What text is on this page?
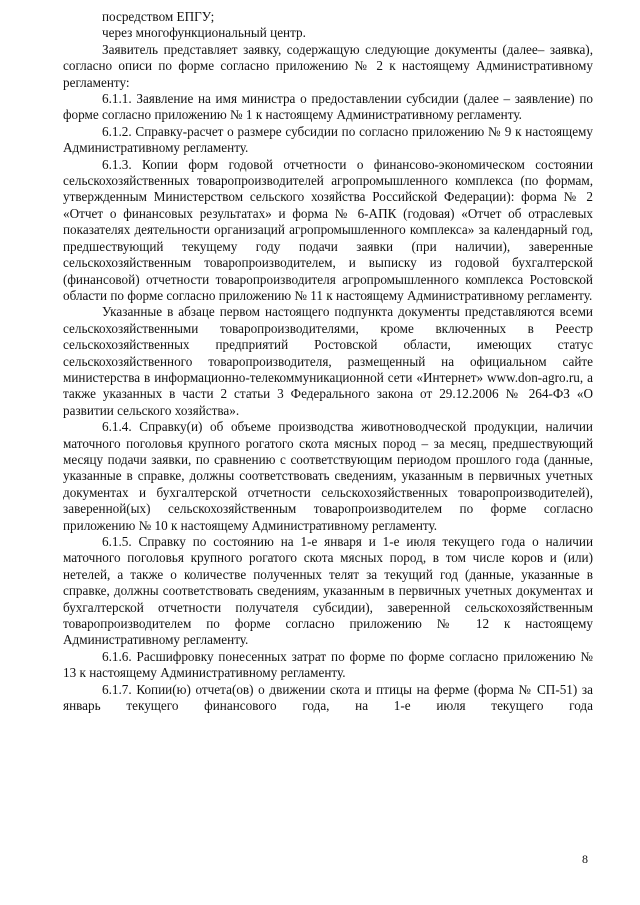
посредством ЕПГУ;

через многофункциональный центр.

Заявитель представляет заявку, содержащую следующие документы (далее– заявка), согласно описи по форме согласно приложению № 2 к настоящему Административному регламенту:

6.1.1. Заявление на имя министра о предоставлении субсидии (далее – заявление) по форме согласно приложению № 1 к настоящему Административному регламенту.

6.1.2. Справку-расчет о размере субсидии по согласно приложению № 9 к настоящему Административному регламенту.

6.1.3. Копии форм годовой отчетности о финансово-экономическом состоянии сельскохозяйственных товаропроизводителей агропромышленного комплекса (по формам, утвержденным Министерством сельского хозяйства Российской Федерации): форма № 2 «Отчет о финансовых результатах» и форма № 6-АПК (годовая) «Отчет об отраслевых показателях деятельности организаций агропромышленного комплекса» за календарный год, предшествующий текущему году подачи заявки (при наличии), заверенные сельскохозяйственным товаропроизводителем, и выписку из годовой бухгалтерской (финансовой) отчетности товаропроизводителя агропромышленного комплекса Ростовской области по форме согласно приложению № 11 к настоящему Административному регламенту.

Указанные в абзаце первом настоящего подпункта документы представляются всеми сельскохозяйственными товаропроизводителями, кроме включенных в Реестр сельскохозяйственных предприятий Ростовской области, имеющих статус сельскохозяйственного товаропроизводителя, размещенный на официальном сайте министерства в информационно-телекоммуникационной сети «Интернет» www.don-agro.ru, а также указанных в части 2 статьи 3 Федерального закона от 29.12.2006 № 264-ФЗ «О развитии сельского хозяйства».

6.1.4. Справку(и) об объеме производства животноводческой продукции, наличии маточного поголовья крупного рогатого скота мясных пород – за месяц, предшествующий месяцу подачи заявки, по сравнению с соответствующим периодом прошлого года (данные, указанные в справке, должны соответствовать сведениям, указанным в первичных учетных документах и бухгалтерской отчетности сельскохозяйственных товаропроизводителей), заверенной(ых) сельскохозяйственным товаропроизводителем по форме согласно приложению № 10 к настоящему Административному регламенту.

6.1.5. Справку по состоянию на 1-е января и 1-е июля текущего года о наличии маточного поголовья крупного рогатого скота мясных пород, в том числе коров и (или) нетелей, а также о количестве полученных телят за текущий год (данные, указанные в справке, должны соответствовать сведениям, указанным в первичных учетных документах и бухгалтерской отчетности получателя субсидии), заверенной сельскохозяйственным товаропроизводителем по форме согласно приложению № 12 к настоящему Административному регламенту.

6.1.6. Расшифровку понесенных затрат по форме по форме согласно приложению № 13 к настоящему Административному регламенту.

6.1.7. Копии(ю) отчета(ов) о движении скота и птицы на ферме (форма № СП-51) за январь текущего финансового года, на 1-е июля текущего года

8
